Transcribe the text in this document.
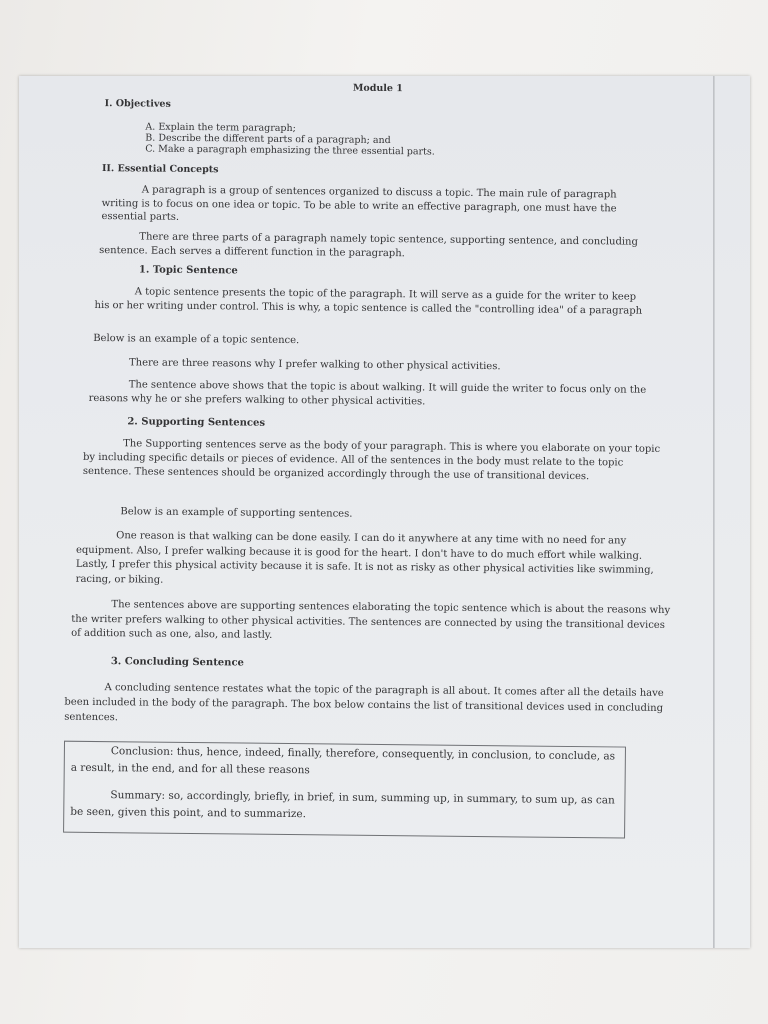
Module 1
I. Objectives
A. Explain the term paragraph;
B. Describe the different parts of a paragraph; and
C. Make a paragraph emphasizing the three essential parts.
II. Essential Concepts

A paragraph is a group of sentences organized to discuss a topic. The main rule of paragraph writing is to focus on one idea or topic. To be able to write an effective paragraph, one must have the essential parts.

There are three parts of a paragraph namely topic sentence, supporting sentence, and concluding sentence. Each serves a different function in the paragraph.

1. Topic Sentence

A topic sentence presents the topic of the paragraph. It will serve as a guide for the writer to keep his or her writing under control. This is why, a topic sentence is called the "controlling idea" of a paragraph

Below is an example of a topic sentence.

There are three reasons why I prefer walking to other physical activities.

The sentence above shows that the topic is about walking. It will guide the writer to focus only on the reasons why he or she prefers walking to other physical activities.

2. Supporting Sentences

The Supporting sentences serve as the body of your paragraph. This is where you elaborate on your topic by including specific details or pieces of evidence. All of the sentences in the body must relate to the topic sentence. These sentences should be organized accordingly through the use of transitional devices.

Below is an example of supporting sentences.

One reason is that walking can be done easily. I can do it anywhere at any time with no need for any equipment. Also, I prefer walking because it is good for the heart. I don't have to do much effort while walking. Lastly, I prefer this physical activity because it is safe. It is not as risky as other physical activities like swimming, racing, or biking.

The sentences above are supporting sentences elaborating the topic sentence which is about the reasons why the writer prefers walking to other physical activities. The sentences are connected by using the transitional devices of addition such as one, also, and lastly.

3. Concluding Sentence

A concluding sentence restates what the topic of the paragraph is all about. It comes after all the details have been included in the body of the paragraph. The box below contains the list of transitional devices used in concluding sentences.

Conclusion: thus, hence, indeed, finally, therefore, consequently, in conclusion, to conclude, as a result, in the end, and for all these reasons

Summary: so, accordingly, briefly, in brief, in sum, summing up, in summary, to sum up, as can be seen, given this point, and to summarize.
